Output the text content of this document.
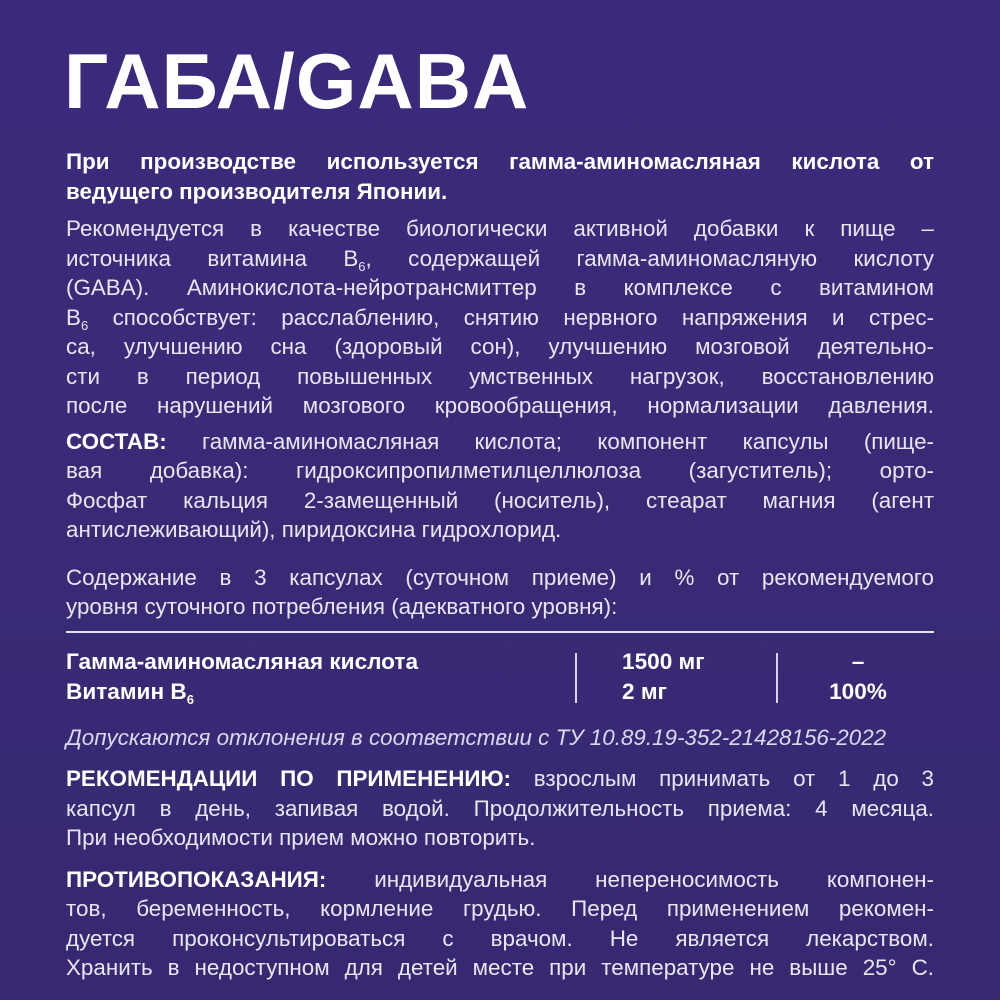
ГАБА/GABA

При производстве используется гамма-аминомасляная кислота от
ведущего производителя Японии.

Рекомендуется в качестве биологически активной добавки к пище –
источника витамина $B_6$, содержащей гамма-аминомасляную кислоту
(GABA). Аминокислота-нейротрансмиттер в комплексе с витамином
$B_6$ способствует: расслаблению, снятию нервного напряжения и стрес-
са, улучшению сна (здоровый сон), улучшению мозговой деятельно-
сти в период повышенных умственных нагрузок, восстановлению
после нарушений мозгового кровообращения, нормализации давления.

СОСТАВ: гамма-аминомасляная кислота; компонент капсулы (пище-
вая добавка): гидроксипропилметилцеллюлоза (загуститель); орто-
Фосфат кальция 2-замещенный (носитель), стеарат магния (агент
антислеживающий), пиридоксина гидрохлорид.

Содержание в 3 капсулах (суточном приеме) и % от рекомендуемого
уровня суточного потребления (адекватного уровня):
Гамма-аминомасляная кислота
Витамин $B_6$
1500 мг
2 мг
–
100%
Допускаются отклонения в соответствии с ТУ 10.89.19-352-21428156-2022

РЕКОМЕНДАЦИИ ПО ПРИМЕНЕНИЮ: взрослым принимать от 1 до 3
капсул в день, запивая водой. Продолжительность приема: 4 месяца.
При необходимости прием можно повторить.

ПРОТИВОПОКАЗАНИЯ: индивидуальная непереносимость компонен-
тов, беременность, кормление грудью. Перед применением рекомен-
дуется проконсультироваться с врачом. Не является лекарством.
Хранить в недоступном для детей месте при температуре не выше 25° С.
